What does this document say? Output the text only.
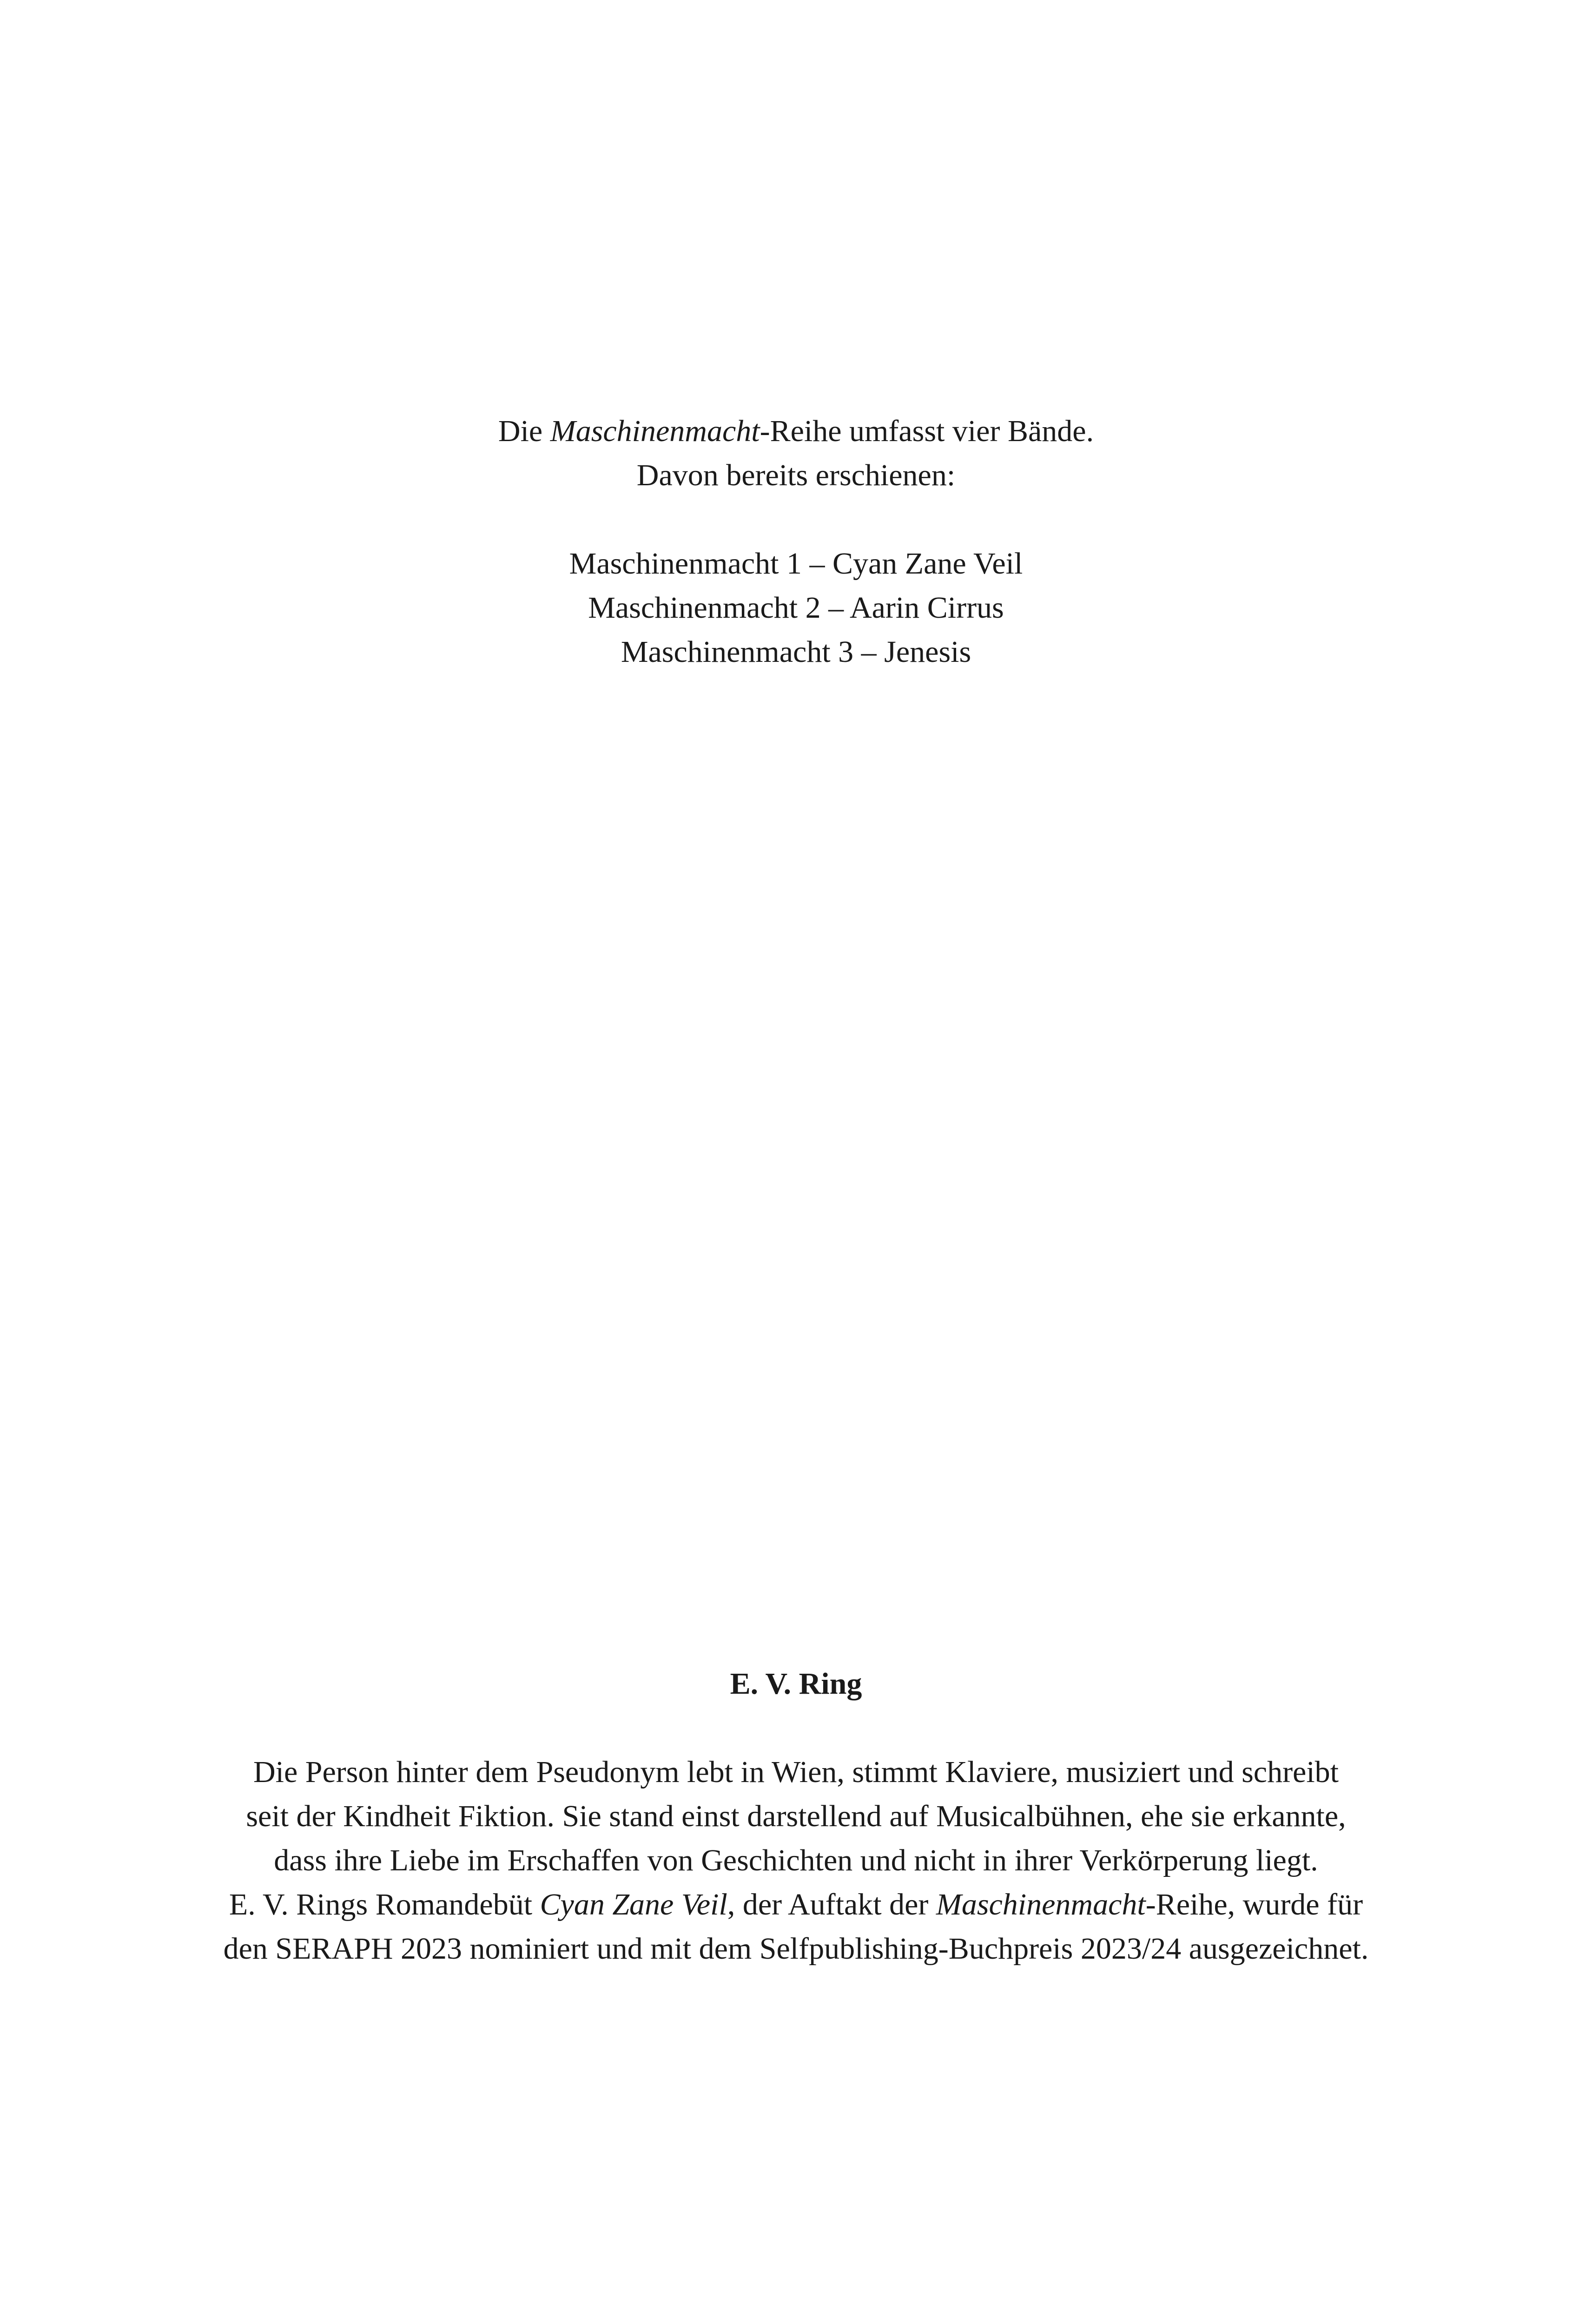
Die Maschinenmacht-Reihe umfasst vier Bände.

Davon bereits erschienen:

Maschinenmacht 1 – Cyan Zane Veil

Maschinenmacht 2 – Aarin Cirrus

Maschinenmacht 3 – Jenesis

E. V. Ring

Die Person hinter dem Pseudonym lebt in Wien, stimmt Klaviere, musiziert und schreibt

seit der Kindheit Fiktion. Sie stand einst darstellend auf Musicalbühnen, ehe sie erkannte,

dass ihre Liebe im Erschaffen von Geschichten und nicht in ihrer Verkörperung liegt.

E. V. Rings Romandebüt Cyan Zane Veil, der Auftakt der Maschinenmacht-Reihe, wurde für

den SERAPH 2023 nominiert und mit dem Selfpublishing-Buchpreis 2023/24 ausgezeichnet.
